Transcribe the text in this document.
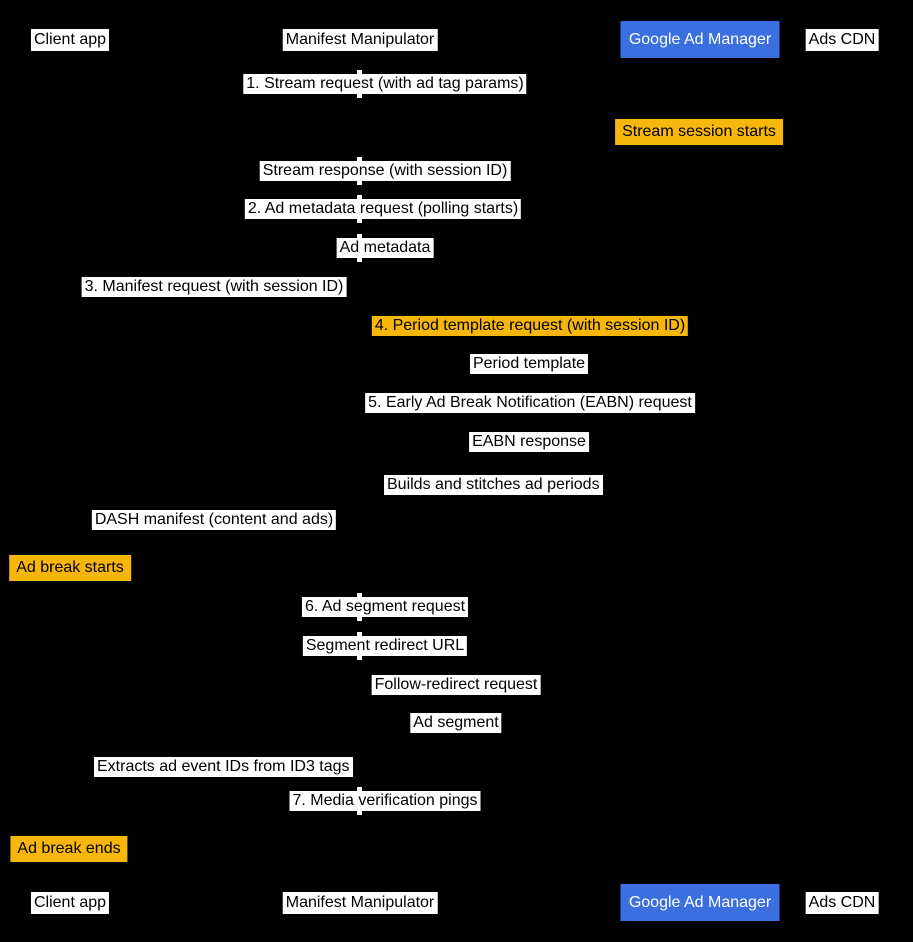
Client app
Client app
Manifest Manipulator
Manifest Manipulator
Google Ad Manager
Google Ad Manager
Ads CDN
Ads CDN
1. Stream request (with ad tag params)
Stream session starts
Stream response (with session ID)
2. Ad metadata request (polling starts)
Ad metadata
3. Manifest request (with session ID)
4. Period template request (with session ID)
Period template
5. Early Ad Break Notification (EABN) request
EABN response
Builds and stitches ad periods
DASH manifest (content and ads)
Ad break starts
6. Ad segment request
Segment redirect URL
Follow-redirect request
Ad segment
Extracts ad event IDs from ID3 tags
7. Media verification pings
Ad break ends
